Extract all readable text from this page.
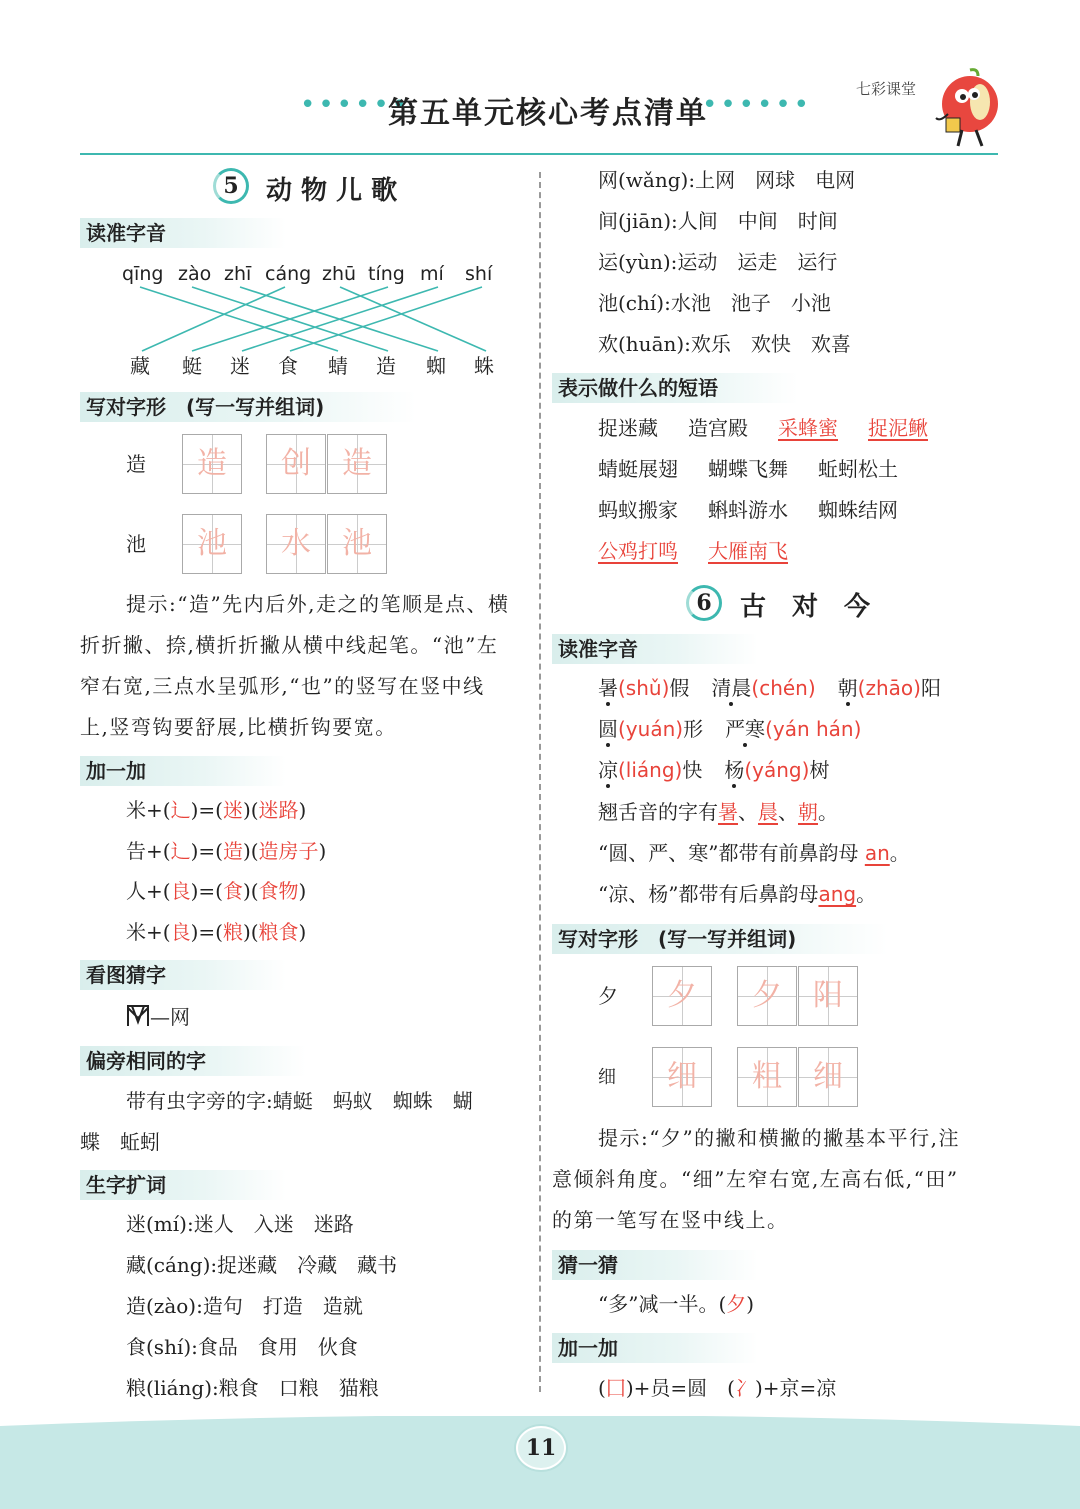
••••••
第五单元核心考点清单
••••••
七彩课堂
5	动 物 儿 歌
读准字音
qīng zào zhī cáng zhū tíng mí shí
藏 蜓 迷 食 蜻 造 蜘 蛛
写对字形　(写一写并组词)
造	造	创	造
池	池	水	池
提示:“造”先内后外,走之的笔顺是点、横
折折撇、捺,横折折撇从横中线起笔。“池”左
窄右宽,三点水呈弧形,“也”的竖写在竖中线
上,竖弯钩要舒展,比横折钩要宽。
加一加
米+(辶)=(迷)(迷路)
告+(辶)=(造)(造房子)
人+(良)=(食)(食物)
米+(良)=(粮)(粮食)
看图猜字
—网
偏旁相同的字
带有虫字旁的字:蜻蜓　蚂蚁　蜘蛛　蝴
蝶　蚯蚓
生字扩词
迷(mí):迷人　入迷　迷路
藏(cáng):捉迷藏　冷藏　藏书
造(zào):造句　打造　造就
食(shí):食品　食用　伙食
粮(liáng):粮食　口粮　猫粮
网(wǎng):上网　网球　电网
间(jiān):人间　中间　时间
运(yùn):运动　运走　运行
池(chí):水池　池子　小池
欢(huān):欢乐　欢快　欢喜
表示做什么的短语
捉迷藏 造宫殿 采蜂蜜 捉泥鳅
蜻蜓展翅 蝴蝶飞舞 蚯蚓松土
蚂蚁搬家 蝌蚪游水 蜘蛛结网
公鸡打鸣 大雁南飞
6	古　对　今
读准字音
暑(shǔ)假 清晨(chén) 朝(zhāo)阳
圆(yuán)形 严寒(yán hán)
凉(liáng)快 杨(yáng)树
翘舌音的字有暑、晨、朝。
“圆、严、寒”都带有前鼻韵母 an。
“凉、杨”都带有后鼻韵母ang。
写对字形　(写一写并组词)
夕	夕	夕	阳
细	细	粗	细
提示:“夕”的撇和横撇的撇基本平行,注
意倾斜角度。“细”左窄右宽,左高右低,“田”
的第一笔写在竖中线上。
猜一猜
“多”减一半。(夕)
加一加
(囗)+员=圆　(冫)+京=凉
11
